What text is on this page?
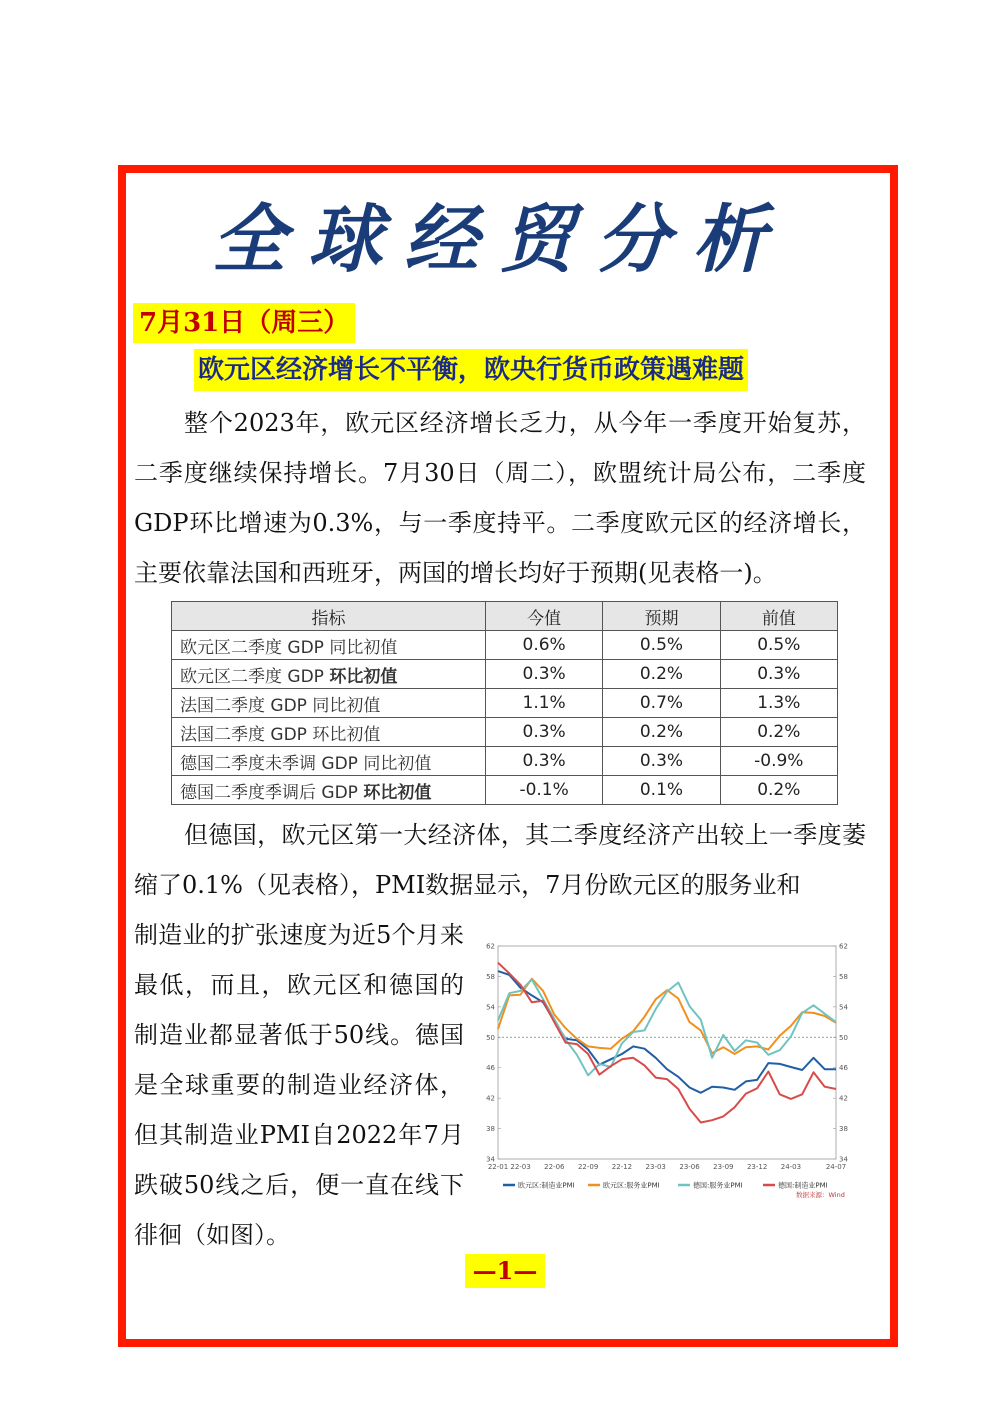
全球经贸分析
7月31日（周三）
欧元区经济增长不平衡，欧央行货币政策遇难题

整个2023年，欧元区经济增长乏力，从今年一季度开始复苏，二季度继续保持增长。7月30日（周二），欧盟统计局公布，二季度GDP环比增速为0.3%，与一季度持平。二季度欧元区的经济增长，主要依靠法国和西班牙，两国的增长均好于预期(见表格一)。

指标	今值	预期	前值
欧元区二季度 GDP 同比初值	0.6%	0.5%	0.5%
欧元区二季度 GDP 环比初值	0.3%	0.2%	0.3%
法国二季度 GDP 同比初值	1.1%	0.7%	1.3%
法国二季度 GDP 环比初值	0.3%	0.2%	0.2%
德国二季度未季调 GDP 同比初值	0.3%	0.3%	-0.9%
德国二季度季调后 GDP 环比初值	-0.1%	0.1%	0.2%

但德国，欧元区第一大经济体，其二季度经济产出较上一季度萎缩了0.1%（见表格），PMI数据显示，7月份欧元区的服务业和

制造业的扩张速度为近5个月来最低，而且，欧元区和德国的制造业都显著低于50线。德国是全球重要的制造业经济体，但其制造业PMI自2022年7月跌破50线之后，便一直在线下徘徊（如图）。

34	34
38	38
42	42
46	46
50	50
54	54
58	58
62	62
22-01 22-03 22-06 22-09 22-12 23-03 23-06 23-09 23-12 24-03	24-07
欧元区:制造业PMI	欧元区:服务业PMI	德国:服务业PMI	德国:制造业PMI
数据来源：Wind
—1—
